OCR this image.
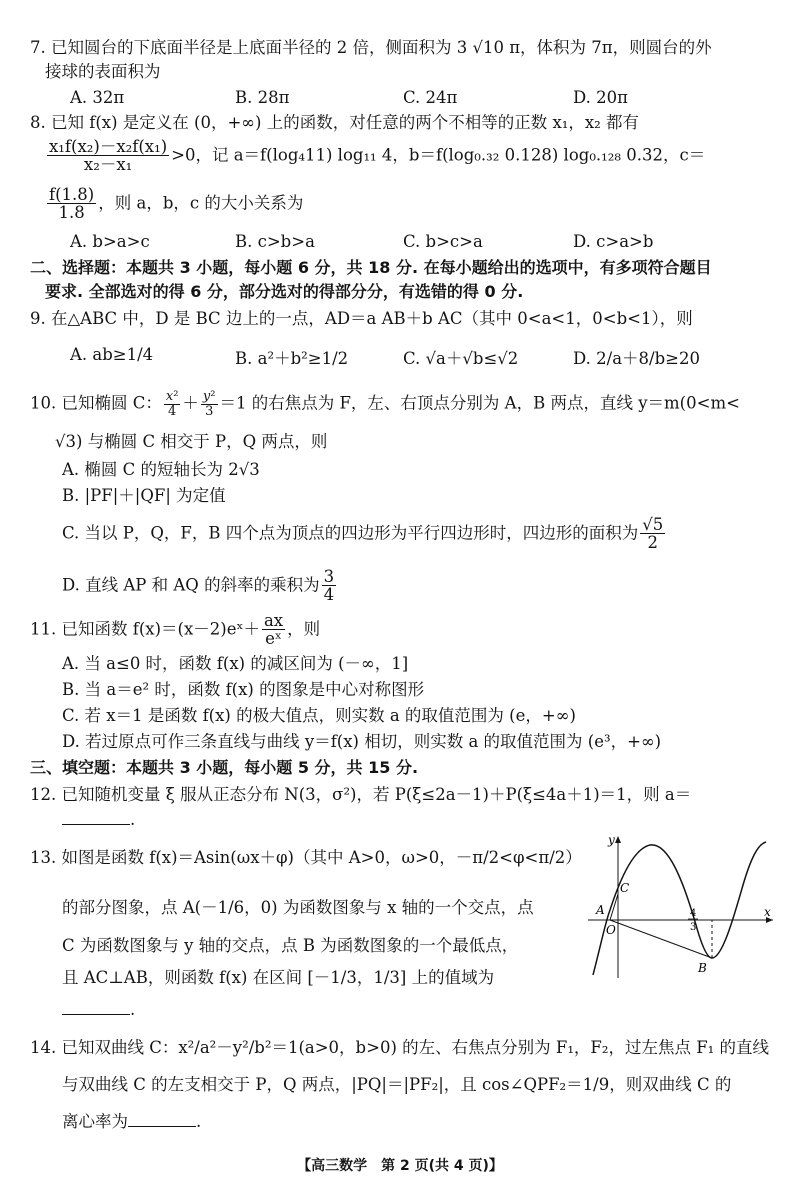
7. 已知圆台的下底面半径是上底面半径的 2 倍，侧面积为 3 √10 π，体积为 7π，则圆台的外
接球的表面积为
A. 32π	B. 28π	C. 24π	D. 20π
8. 已知 f(x) 是定义在 (0，+∞) 上的函数，对任意的两个不相等的正数 x₁，x₂ 都有
$\frac{\text{x₁f(x₂)－x₂f(x₁)}}{\text{x₂－x₁}} >0$，记 a＝f(log₄11) log₁₁ 4，b＝f(log₀.₃₂ 0.128) log₀.₁₂₈ 0.32，c＝
$\frac{f(1.8)}{1.8}$ ，则 a，b，c 的大小关系为
A. b>a>c	B. c>b>a	C. b>c>a	D. c>a>b
二、选择题：本题共 3 小题，每小题 6 分，共 18 分. 在每小题给出的选项中，有多项符合题目
要求. 全部选对的得 6 分，部分选对的得部分分，有选错的得 0 分.
9. 在△ABC 中，D 是 BC 边上的一点，AD＝a AB＋b AC（其中 0<a<1，0<b<1），则
A. ab≥1/4	B. a²＋b²≥1/2	C. √a＋√b≤√2	D. 2/a＋8/b≥20
10. 已知椭圆 C： $\frac{\text{x²}}{4} + \frac{\text{y²}}{3} =1$ 的右焦点为 F，左、右顶点分别为 A，B 两点，直线 y＝m(0<m<
√3) 与椭圆 C 相交于 P，Q 两点，则
A. 椭圆 C 的短轴长为 2√3
B. |PF|＋|QF| 为定值
C. 当以 P，Q，F，B 四个点为顶点的四边形为平行四边形时，四边形的面积为 $\frac{√5}{2}$
D. 直线 AP 和 AQ 的斜率的乘积为 $\frac{3}{4}$
11. 已知函数 f(x)＝(x－2)eˣ＋ $\frac{ax}{\text{eˣ}}$ ，则
A. 当 a≤0 时，函数 f(x) 的减区间为 (－∞，1]
B. 当 a＝e² 时，函数 f(x) 的图象是中心对称图形
C. 若 x＝1 是函数 f(x) 的极大值点，则实数 a 的取值范围为 (e，+∞)
D. 若过原点可作三条直线与曲线 y＝f(x) 相切，则实数 a 的取值范围为 (e³，+∞)
三、填空题：本题共 3 小题，每小题 5 分，共 15 分.
12. 已知随机变量 ξ 服从正态分布 N(3，σ²)，若 P(ξ≤2a－1)＋P(ξ≤4a＋1)＝1，则 a＝
.
13. 如图是函数 f(x)＝Asin(ωx＋φ)（其中 A>0，ω>0，－π/2<φ<π/2）
的部分图象，点 A(－1/6，0) 为函数图象与 x 轴的一个交点，点
C 为函数图象与 y 轴的交点，点 B 为函数图象的一个最低点，
且 AC⊥AB，则函数 f(x) 在区间 [－1/3，1/3] 上的值域为
.
y
x
O
A
C
B
4
3
14. 已知双曲线 C：x²/a²－y²/b²＝1(a>0，b>0) 的左、右焦点分别为 F₁，F₂，过左焦点 F₁ 的直线
与双曲线 C 的左支相交于 P，Q 两点，|PQ|＝|PF₂|，且 cos∠QPF₂＝1/9，则双曲线 C 的
离心率为	.
【高三数学　第 2 页(共 4 页)】
